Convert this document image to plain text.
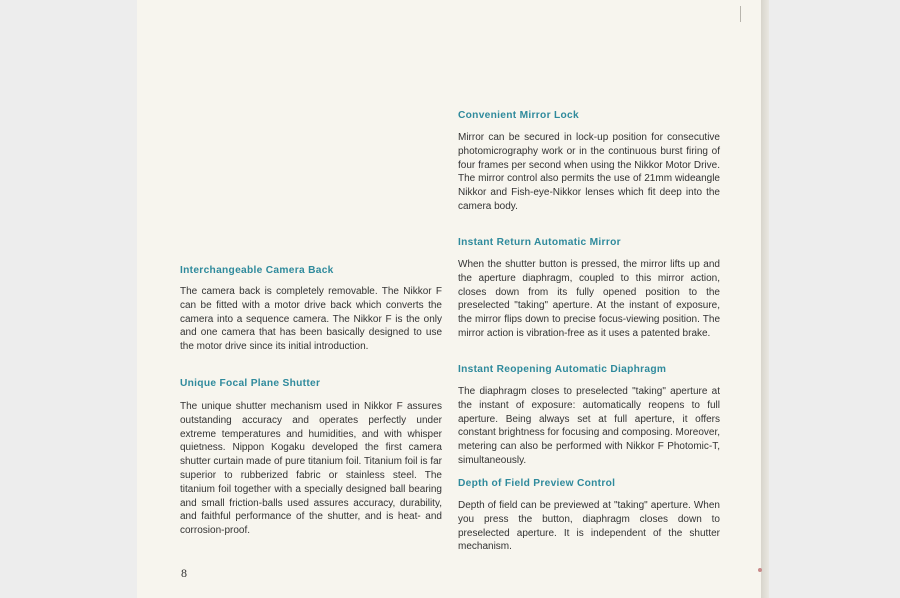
Interchangeable Camera Back
The camera back is completely removable. The Nikkor F can be fitted with a motor drive back which converts the camera into a sequence camera. The Nikkor F is the only and one camera that has been basically designed to use the motor drive since its initial introduction.
Unique Focal Plane Shutter
The unique shutter mechanism used in Nikkor F assures outstanding accuracy and operates perfectly under extreme temperatures and humidities, and with whisper quietness. Nippon Kogaku developed the first camera shutter curtain made of pure titanium foil. Titanium foil is far superior to rubberized fabric or stainless steel. The titanium foil together with a specially designed ball bearing and small friction-balls used assures accuracy, durability, and faithful performance of the shutter, and is heat- and corrosion-proof.
Convenient Mirror Lock
Mirror can be secured in lock-up position for consecutive photomicrography work or in the continuous burst firing of four frames per second when using the Nikkor Motor Drive. The mirror control also permits the use of 21mm wideangle Nikkor and Fish-eye-Nikkor lenses which fit deep into the camera body.
Instant Return Automatic Mirror
When the shutter button is pressed, the mirror lifts up and the aperture diaphragm, coupled to this mirror action, closes down from its fully opened position to the preselected "taking" aperture. At the instant of exposure, the mirror flips down to precise focus-viewing position. The mirror action is vibration-free as it uses a patented brake.
Instant Reopening Automatic Diaphragm
The diaphragm closes to preselected "taking" aperture at the instant of exposure: automatically reopens to full aperture. Being always set at full aperture, it offers constant brightness for focusing and composing. Moreover, metering can also be performed with Nikkor F Photomic-T, simultaneously.
Depth of Field Preview Control
Depth of field can be previewed at "taking" aperture. When you press the button, diaphragm closes down to preselected aperture. It is independent of the shutter mechanism.
8
